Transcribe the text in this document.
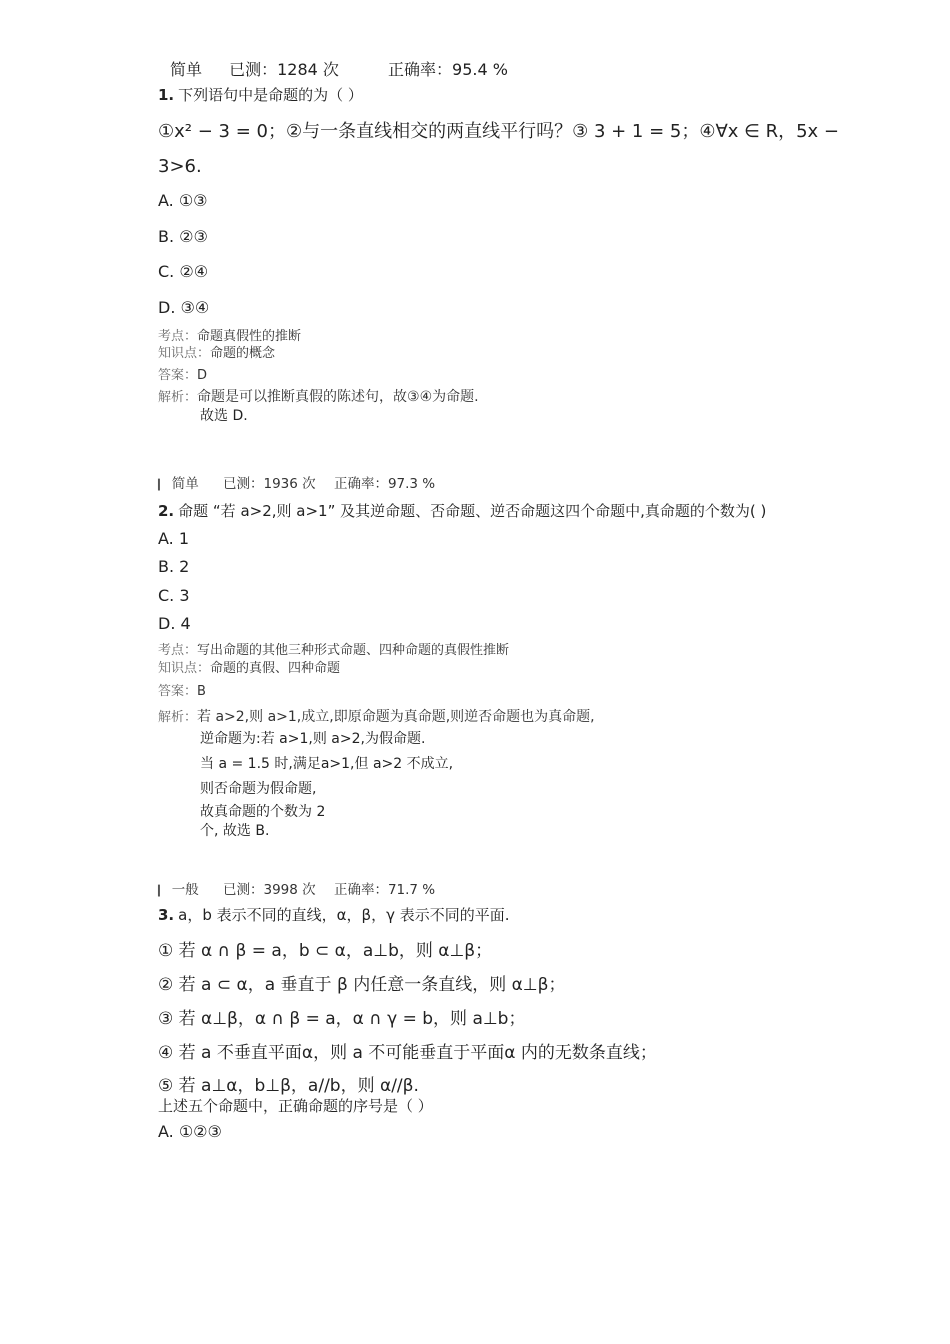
简单 已测：1284 次	正确率：95.4 %
1. 下列语句中是命题的为（ ）
①x² − 3 = 0；②与一条直线相交的两直线平行吗？③ 3 + 1 = 5；④∀x ∈ R，5x −
3>6.
A. ①③
B. ②③
C. ②④
D. ③④
考点：命题真假性的推断
知识点：命题的概念
答案：D
解析：命题是可以推断真假的陈述句，故③④为命题.
故选 D.
▎ 简单 已测：1936 次 正确率：97.3 %
2. 命题 “若 a>2,则 a>1” 及其逆命题、否命题、逆否命题这四个命题中,真命题的个数为( )
A. 1
B. 2
C. 3
D. 4
考点：写出命题的其他三种形式命题、四种命题的真假性推断
知识点：命题的真假、四种命题
答案：B
解析：若 a>2,则 a>1,成立,即原命题为真命题,则逆否命题也为真命题,
逆命题为:若 a>1,则 a>2,为假命题.
当 a = 1.5 时,满足a>1,但 a>2 不成立,
则否命题为假命题,
故真命题的个数为 2
个, 故选 B.
▎ 一般 已测：3998 次 正确率：71.7 %
3. a，b 表示不同的直线，α，β，γ 表示不同的平面.
① 若 α ∩ β = a，b ⊂ α，a⊥b，则 α⊥β；
② 若 a ⊂ α，a 垂直于 β 内任意一条直线，则 α⊥β；
③ 若 α⊥β，α ∩ β = a，α ∩ γ = b，则 a⊥b；
④ 若 a 不垂直平面α，则 a 不可能垂直于平面α 内的无数条直线；
⑤ 若 a⊥α，b⊥β，a//b，则 α//β.
上述五个命题中，正确命题的序号是（ ）
A. ①②③
